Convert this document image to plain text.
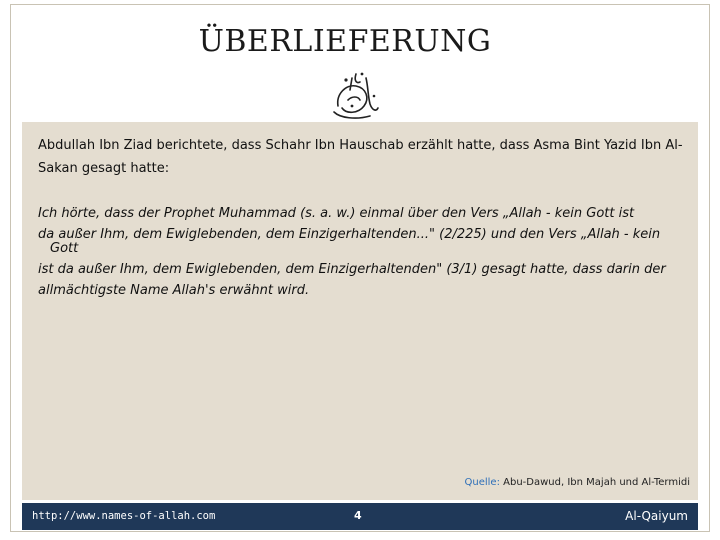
ÜBERLIEFERUNG
Abdullah Ibn Ziad berichtete, dass Schahr Ibn Hauschab erzählt hatte, dass Asma Bint Yazid Ibn Al-
Sakan gesagt hatte:
Ich hörte, dass der Prophet Muhammad (s. a. w.) einmal über den Vers „Allah - kein Gott ist
da außer Ihm, dem Ewiglebenden, dem Einzigerhaltenden..." (2/225) und den Vers „Allah - kein
Gott
ist da außer Ihm, dem Ewiglebenden, dem Einzigerhaltenden" (3/1) gesagt hatte, dass darin der
allmächtigste Name Allah's erwähnt wird.
Quelle: Abu-Dawud, Ibn Majah und Al-Termidi
http://www.names-of-allah.com	4	Al-Qaiyum
